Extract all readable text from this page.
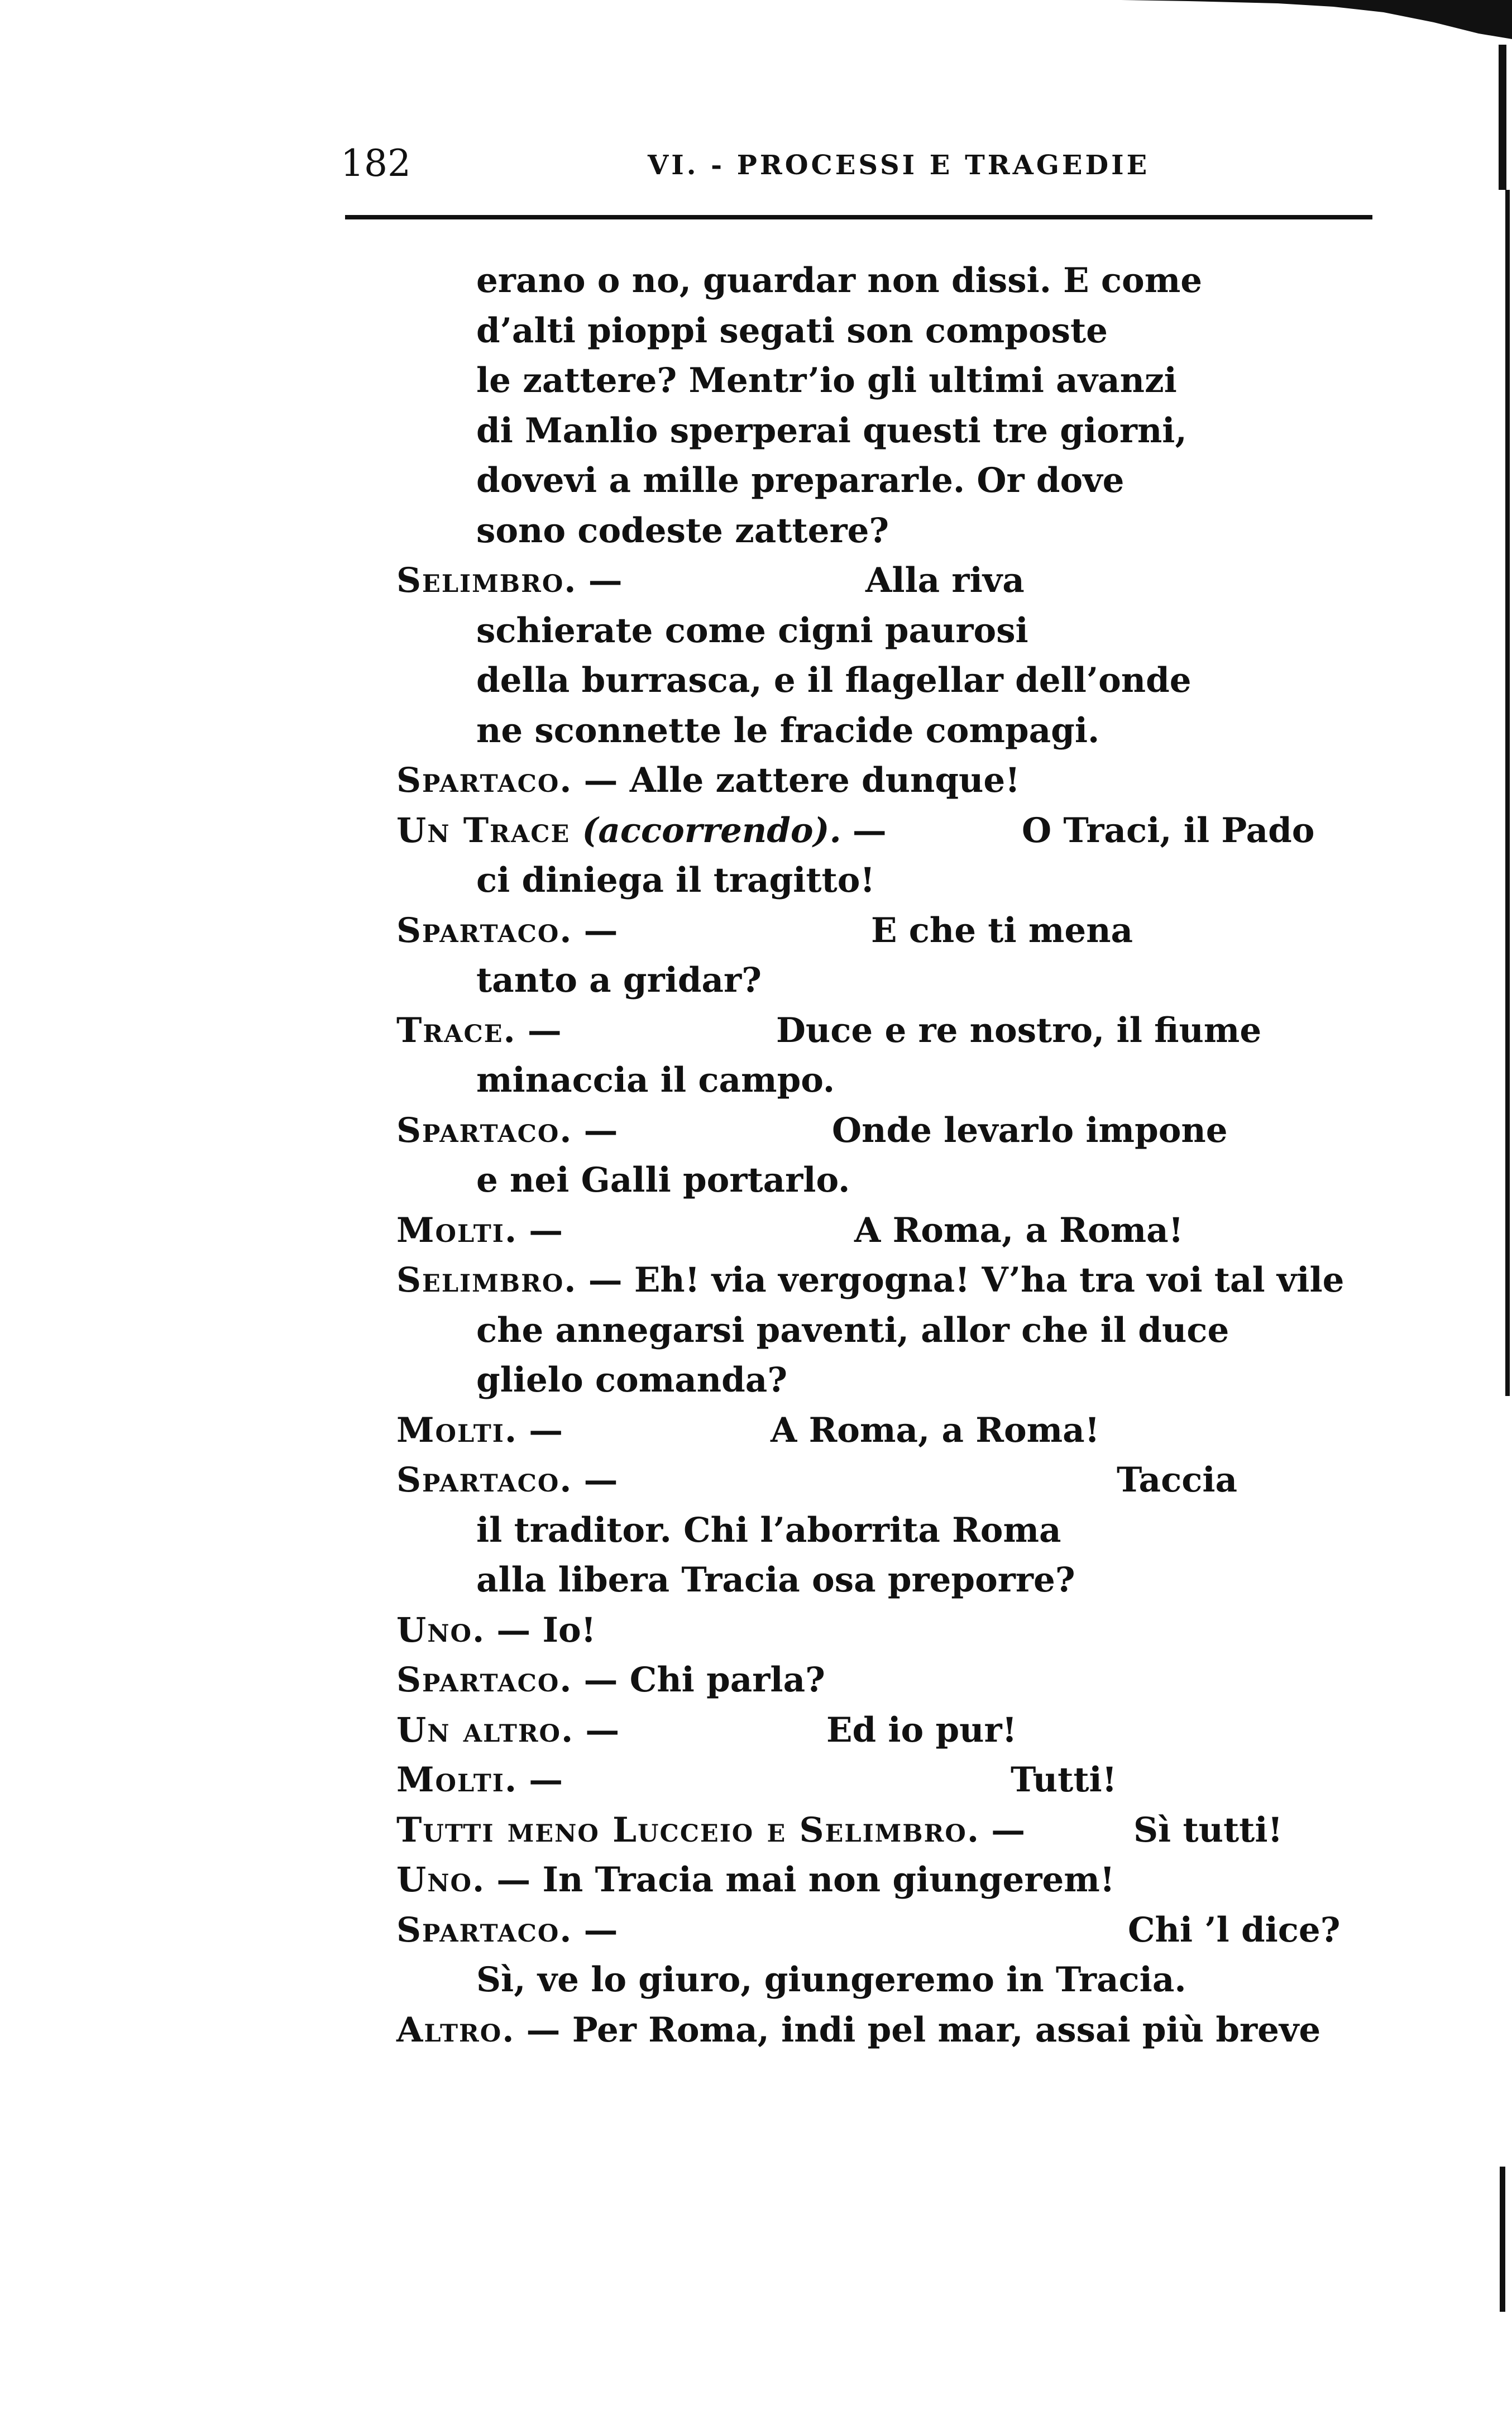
182	VI. - PROCESSI E TRAGEDIE
erano o no, guardar non dissi. E come
d’alti pioppi segati son composte
le zattere? Mentr’io gli ultimi avanzi
di Manlio sperperai questi tre giorni,
dovevi a mille prepararle. Or dove
sono codeste zattere?
Selimbro. —	Alla riva
schierate come cigni paurosi
della burrasca, e il flagellar dell’onde
ne sconnette le fracide compagi.
Spartaco. — Alle zattere dunque!
Un Trace (accorrendo). —	O Traci, il Pado
ci diniega il tragitto!
Spartaco. —	E che ti mena
tanto a gridar?
Trace. —	Duce e re nostro, il fiume
minaccia il campo.
Spartaco. —	Onde levarlo impone
e nei Galli portarlo.
Molti. —	A Roma, a Roma!
Selimbro. — Eh! via vergogna! V’ha tra voi tal vile
che annegarsi paventi, allor che il duce
glielo comanda?
Molti. —	A Roma, a Roma!
Spartaco. —	Taccia
il traditor. Chi l’aborrita Roma
alla libera Tracia osa preporre?
Uno. — Io!
Spartaco. — Chi parla?
Un altro. —	Ed io pur!
Molti. —	Tutti!
Tutti meno Lucceio e Selimbro. —	Sì tutti!
Uno. — In Tracia mai non giungerem!
Spartaco. —	Chi ’l dice?
Sì, ve lo giuro, giungeremo in Tracia.
Altro. — Per Roma, indi pel mar, assai più breve
